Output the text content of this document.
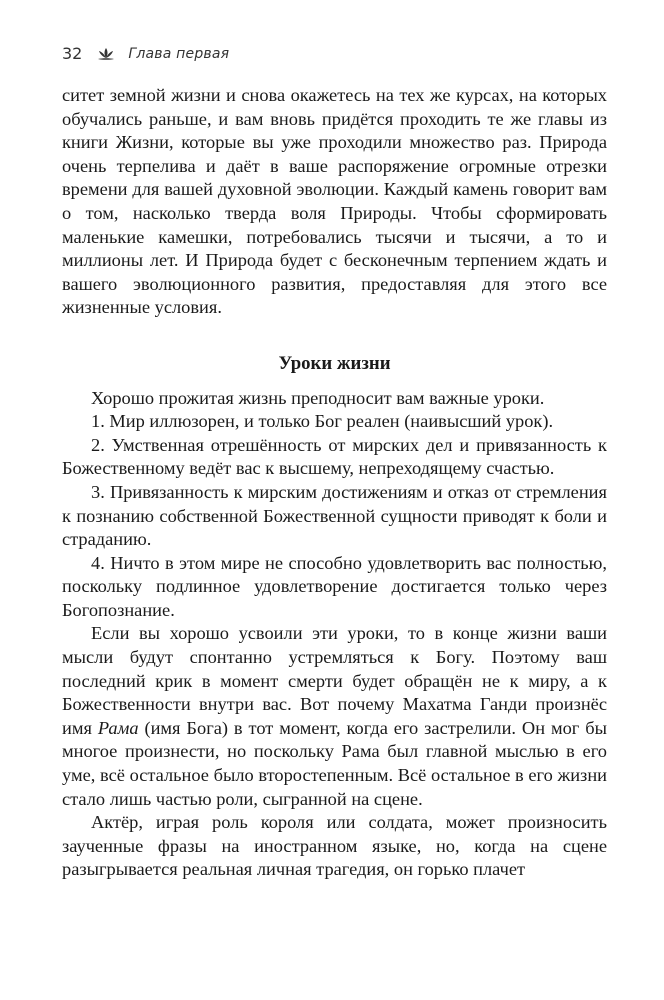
32	Глава первая

ситет земной жизни и снова окажетесь на тех же курсах, на которых обучались раньше, и вам вновь придётся проходить те же главы из книги Жизни, которые вы уже проходили множество раз. Природа очень терпелива и даёт в ваше распоряжение огромные отрезки времени для вашей духовной эволюции. Каждый камень говорит вам о том, насколько тверда воля Природы. Чтобы сформировать маленькие камешки, потребовались тысячи и тысячи, а то и миллионы лет. И Природа будет с бесконечным терпением ждать и вашего эволюционного развития, предоставляя для этого все жизненные условия.

Уроки жизни

Хорошо прожитая жизнь преподносит вам важные уроки.

1. Мир иллюзорен, и только Бог реален (наивысший урок).

2. Умственная отрешённость от мирских дел и привязанность к Божественному ведёт вас к высшему, непреходящему счастью.

3. Привязанность к мирским достижениям и отказ от стремления к познанию собственной Божественной сущности приводят к боли и страданию.

4. Ничто в этом мире не способно удовлетворить вас полностью, поскольку подлинное удовлетворение достигается только через Богопознание.

Если вы хорошо усвоили эти уроки, то в конце жизни ваши мысли будут спонтанно устремляться к Богу. Поэтому ваш последний крик в момент смерти будет обращён не к миру, а к Божественности внутри вас. Вот почему Махатма Ганди произнёс имя Рама (имя Бога) в тот момент, когда его застрелили. Он мог бы многое произнести, но поскольку Рама был главной мыслью в его уме, всё остальное было второстепенным. Всё остальное в его жизни стало лишь частью роли, сыгранной на сцене.

Актёр, играя роль короля или солдата, может произносить заученные фразы на иностранном языке, но, когда на сцене разыгрывается реальная личная трагедия, он горько плачет
